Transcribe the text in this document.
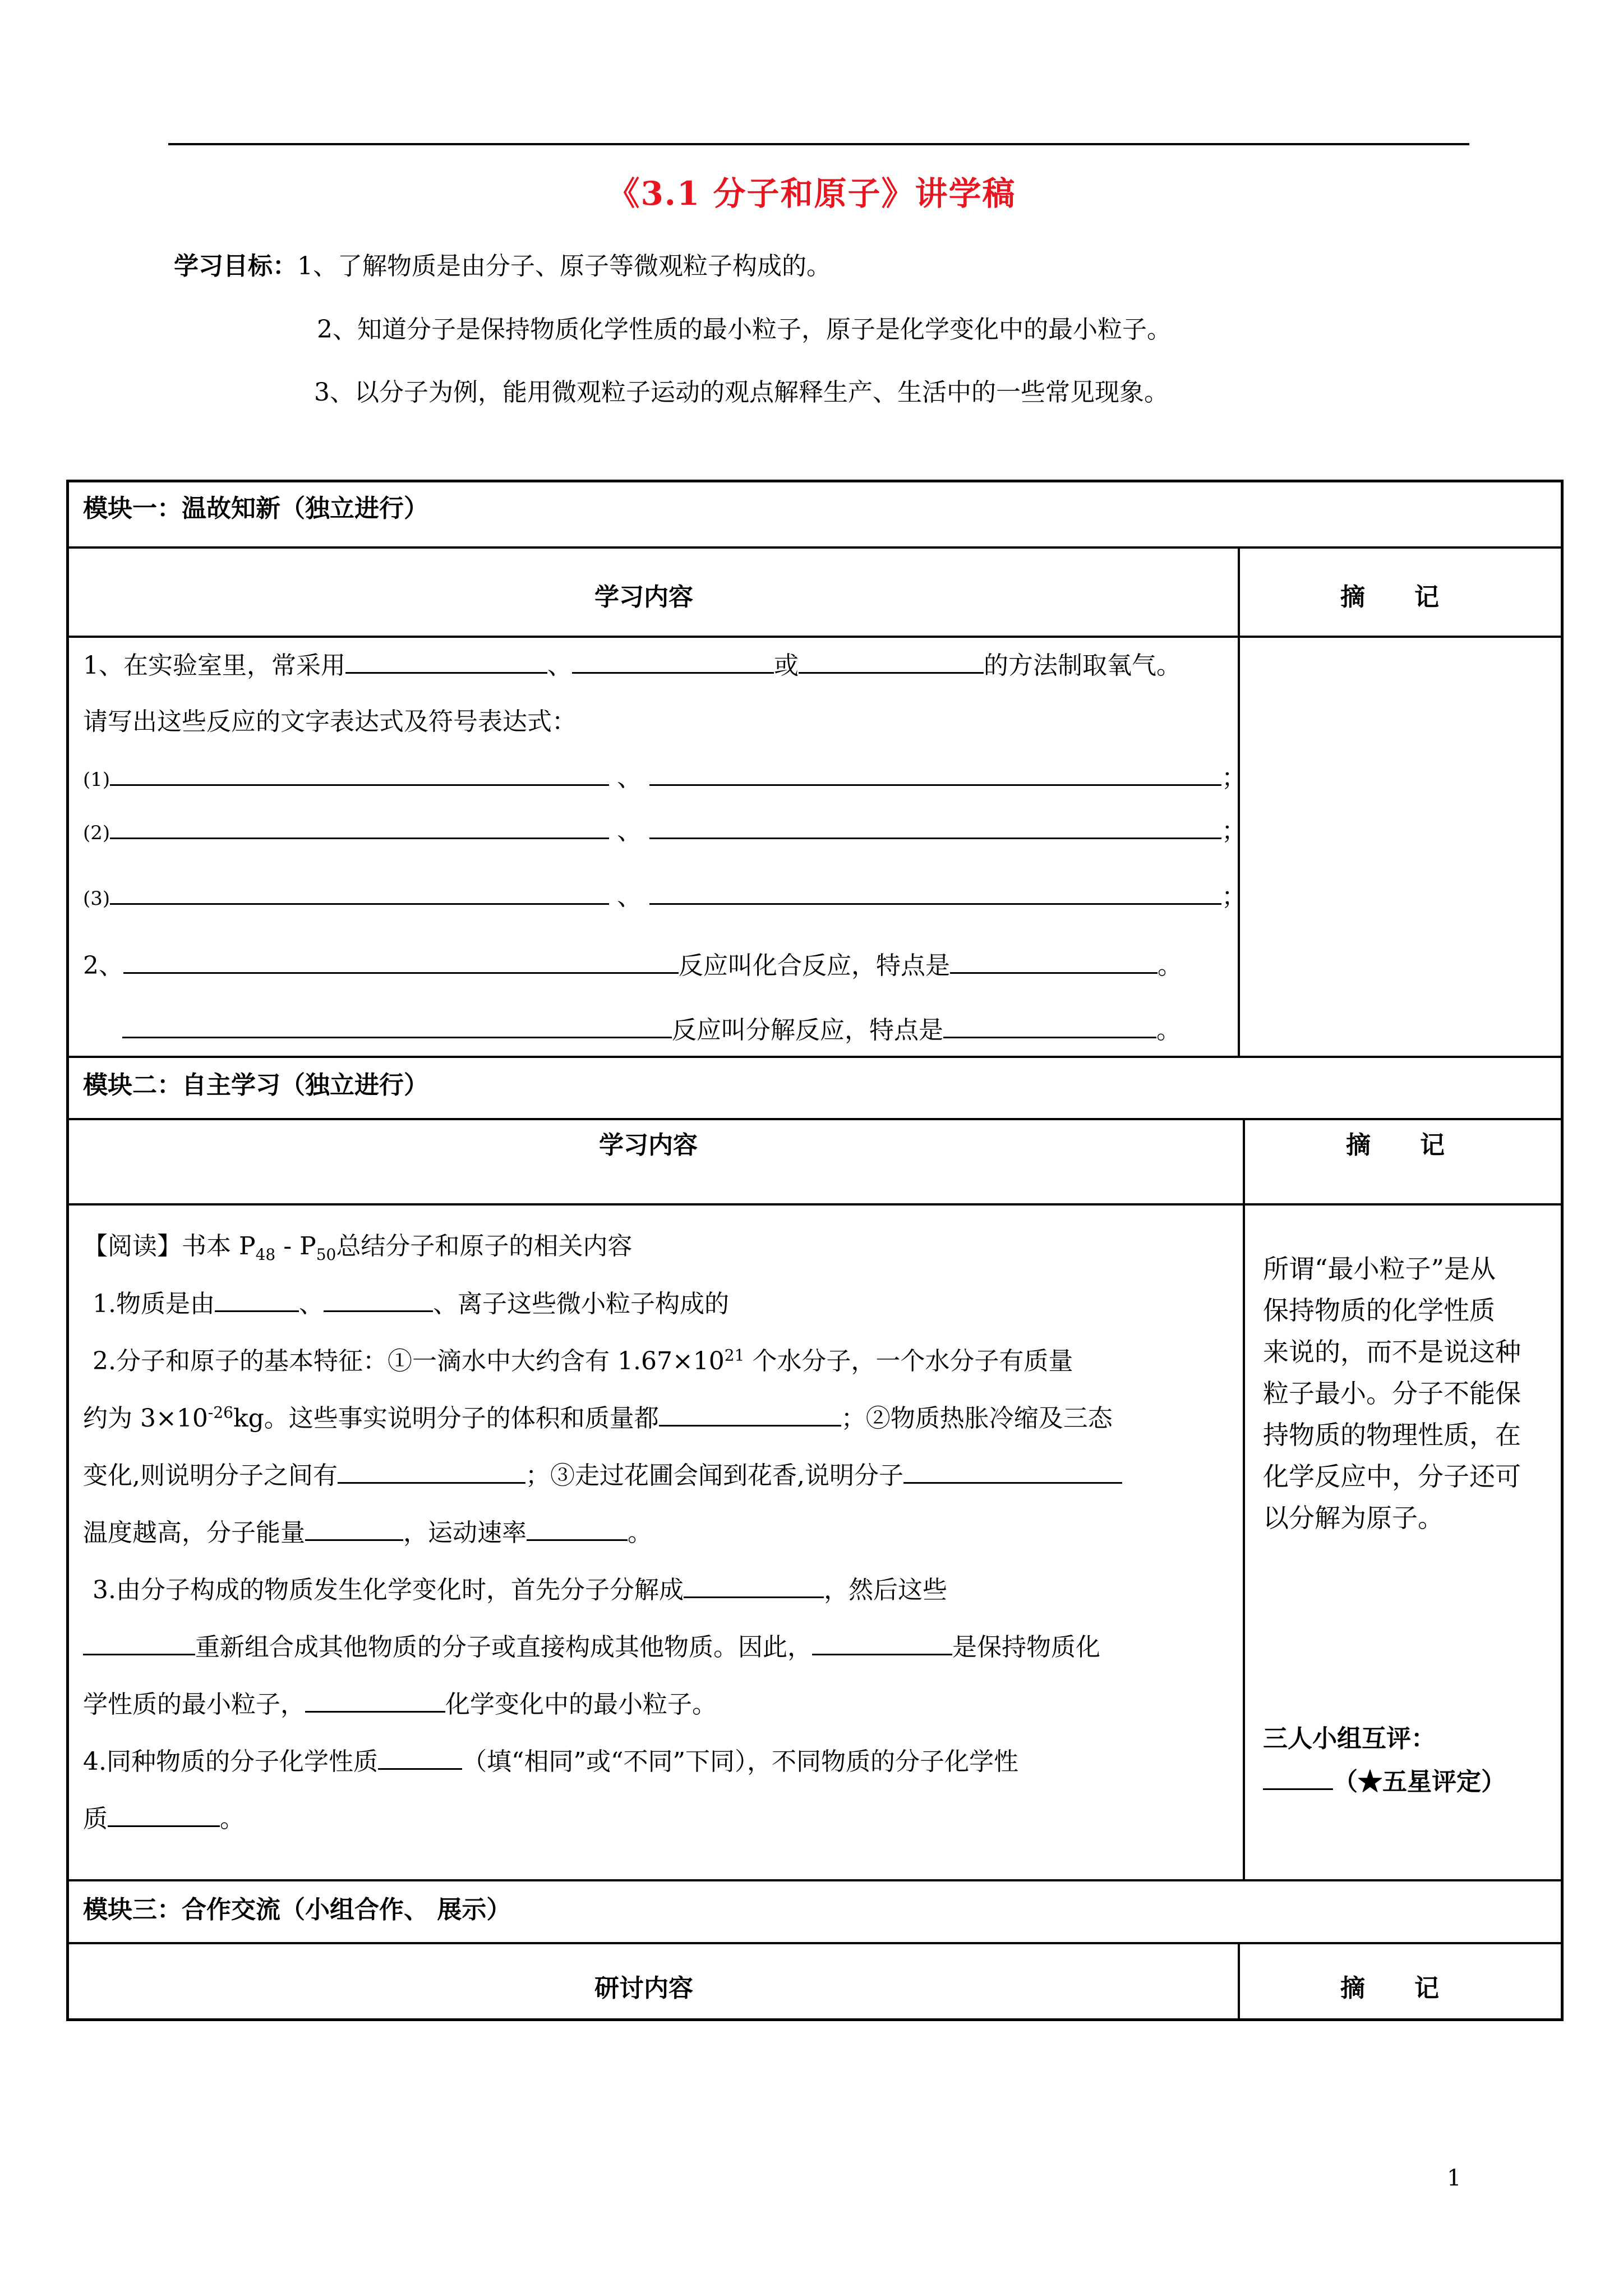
《3.1 分子和原子》讲学稿
学习目标：1、了解物质是由分子、原子等微观粒子构成的。
2、知道分子是保持物质化学性质的最小粒子，原子是化学变化中的最小粒子。
3、以分子为例，能用微观粒子运动的观点解释生产、生活中的一些常见现象。
模块一：温故知新（独立进行）
学习内容	摘　　记
1、在实验室里，常采用	、	或	的方法制取氧气。
请写出这些反应的文字表达式及符号表达式：
(1)	、	；
(2)	、	；
(3)	、	；
2、	反应叫化合反应，特点是	。
反应叫分解反应，特点是	。
模块二：自主学习（独立进行）
学习内容	摘　　记
【阅读】书本 $P_{48} - P_{50}$总结分子和原子的相关内容
1.物质是由	、	、离子这些微小粒子构成的
2.分子和原子的基本特征：①一滴水中大约含有 $1.67\times 10^{21}$ 个水分子，一个水分子有质量
约为 $3\times 10^{-26}kg$。这些事实说明分子的体积和质量都	；②物质热胀冷缩及三态
变化,则说明分子之间有	；③走过花圃会闻到花香,说明分子
温度越高，分子能量	，运动速率	。
3.由分子构成的物质发生化学变化时，首先分子分解成	，然后这些
重新组合成其他物质的分子或直接构成其他物质。因此，	是保持物质化
学性质的最小粒子，	化学变化中的最小粒子。
4.同种物质的分子化学性质	（填“相同”或“不同”下同），不同物质的分子化学性
质	。
所谓“最小粒子”是从
保持物质的化学性质
来说的，而不是说这种
粒子最小。分子不能保
持物质的物理性质，在
化学反应中，分子还可
以分解为原子。
三人小组互评：
（★五星评定）
模块三：合作交流（小组合作、 展示）
研讨内容	摘　　记
1
